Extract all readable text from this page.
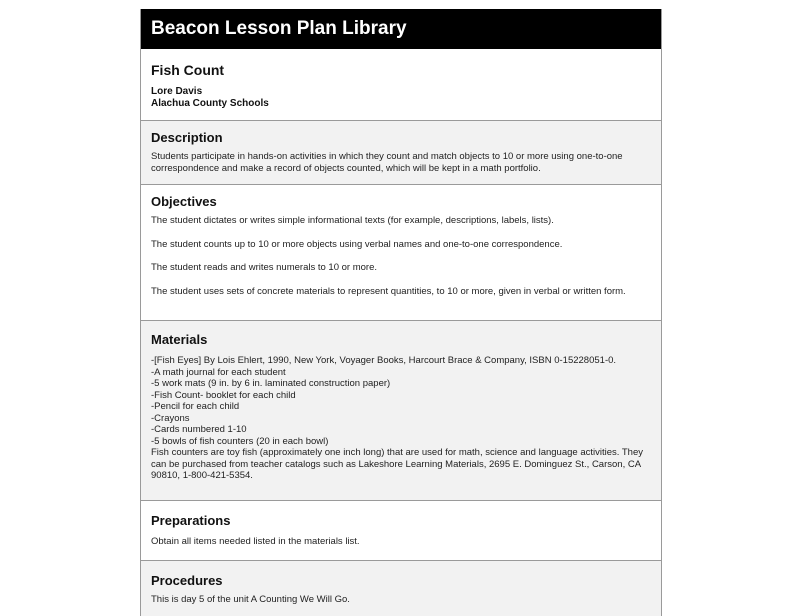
Beacon Lesson Plan Library
Fish Count
Lore Davis
Alachua County Schools
Description

Students participate in hands-on activities in which they count and match objects to 10 or more using one-to-one correspondence and make a record of objects counted, which will be kept in a math portfolio.

Objectives

The student dictates or writes simple informational texts (for example, descriptions, labels, lists).

The student counts up to 10 or more objects using verbal names and one-to-one correspondence.

The student reads and writes numerals to 10 or more.

The student uses sets of concrete materials to represent quantities, to 10 or more, given in verbal or written form.

Materials
-[Fish Eyes] By Lois Ehlert, 1990, New York, Voyager Books, Harcourt Brace & Company, ISBN 0-15228051-0.
-A math journal for each student
-5 work mats (9 in. by 6 in. laminated construction paper)
-Fish Count- booklet for each child
-Pencil for each child
-Crayons
-Cards numbered 1-10
-5 bowls of fish counters (20 in each bowl)
Fish counters are toy fish (approximately one inch long) that are used for math, science and language activities. They can be purchased from teacher catalogs such as Lakeshore Learning Materials, 2695 E. Dominguez St., Carson, CA 90810, 1-800-421-5354.
Preparations

Obtain all items needed listed in the materials list.

Procedures

This is day 5 of the unit A Counting We Will Go.
